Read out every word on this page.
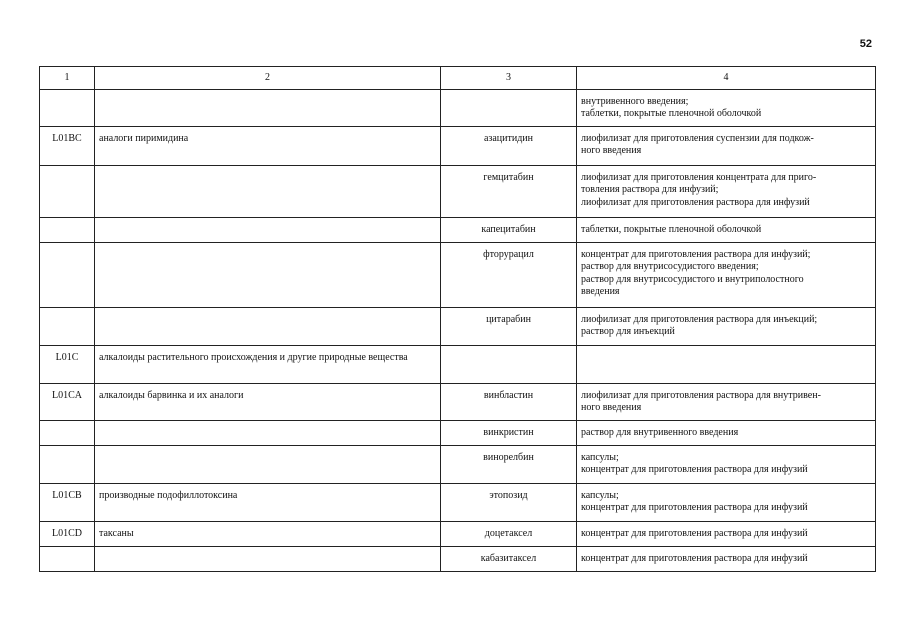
52
1	2	3	4

			внутривенного введения;
таблетки, покрытые пленочной оболочкой

L01BC	аналоги пиримидина	азацитидин	лиофилизат для приготовления суспензии для подкож-
ного введения

		гемцитабин	лиофилизат для приготовления концентрата для приго-
товления раствора для инфузий;
лиофилизат для приготовления раствора для инфузий

		капецитабин	таблетки, покрытые пленочной оболочкой

		фторурацил	концентрат для приготовления раствора для инфузий;
раствор для внутрисосудистого введения;
раствор для внутрисосудистого и внутриполостного
введения

		цитарабин	лиофилизат для приготовления раствора для инъекций;
раствор для инъекций

L01C	алкалоиды растительного происхождения и другие природные вещества		

L01CA	алкалоиды барвинка и их аналоги	винбластин	лиофилизат для приготовления раствора для внутривен-
ного введения

		винкристин	раствор для внутривенного введения

		винорелбин	капсулы;
концентрат для приготовления раствора для инфузий

L01CB	производные подофиллотоксина	этопозид	капсулы;
концентрат для приготовления раствора для инфузий

L01CD	таксаны	доцетаксел	концентрат для приготовления раствора для инфузий

		кабазитаксел	концентрат для приготовления раствора для инфузий
